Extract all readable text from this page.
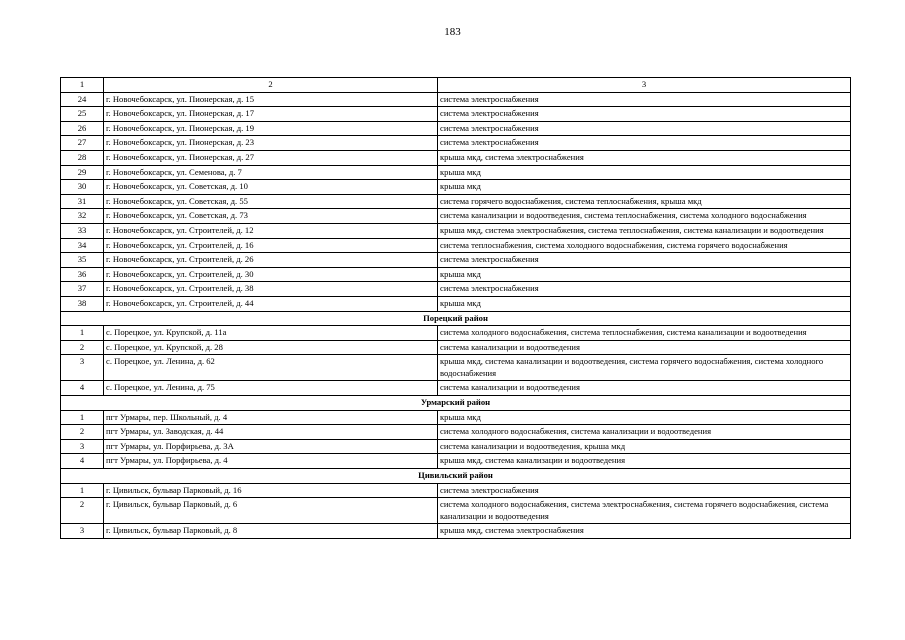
183
1	2	3
24	г. Новочебоксарск, ул. Пионерская, д. 15	система электроснабжения
25	г. Новочебоксарск, ул. Пионерская, д. 17	система электроснабжения
26	г. Новочебоксарск, ул. Пионерская, д. 19	система электроснабжения
27	г. Новочебоксарск, ул. Пионерская, д. 23	система электроснабжения
28	г. Новочебоксарск, ул. Пионерская, д. 27	крыша мкд, система электроснабжения
29	г. Новочебоксарск, ул. Семенова, д. 7	крыша мкд
30	г. Новочебоксарск, ул. Советская, д. 10	крыша мкд
31	г. Новочебоксарск, ул. Советская, д. 55	система горячего водоснабжения, система теплоснабжения, крыша мкд
32	г. Новочебоксарск, ул. Советская, д. 73	система канализации и водоотведения, система теплоснабжения, система холодного водоснабжения
33	г. Новочебоксарск, ул. Строителей, д. 12	крыша мкд, система электроснабжения, система теплоснабжения, система канализации и водоотведения
34	г. Новочебоксарск, ул. Строителей, д. 16	система теплоснабжения, система холодного водоснабжения, система горячего водоснабжения
35	г. Новочебоксарск, ул. Строителей, д. 26	система электроснабжения
36	г. Новочебоксарск, ул. Строителей, д. 30	крыша мкд
37	г. Новочебоксарск, ул. Строителей, д. 38	система электроснабжения
38	г. Новочебоксарск, ул. Строителей, д. 44	крыша мкд
Порецкий район		
1	с. Порецкое, ул. Крупской, д. 11а	система холодного водоснабжения, система теплоснабжения, система канализации и водоотведения
2	с. Порецкое, ул. Крупской, д. 28	система канализации и водоотведения
3	с. Порецкое, ул. Ленина, д. 62	крыша мкд, система канализации и водоотведения, система горячего водоснабжения, система холодного водоснабжения
4	с. Порецкое, ул. Ленина, д. 75	система канализации и водоотведения
Урмарский район		
1	пгт Урмары, пер. Школьный, д. 4	крыша мкд
2	пгт Урмары, ул. Заводская, д. 44	система холодного водоснабжения, система канализации и водоотведения
3	пгт Урмары, ул. Порфирьева, д. 3А	система канализации и водоотведения, крыша мкд
4	пгт Урмары, ул. Порфирьева, д. 4	крыша мкд, система канализации и водоотведения
Цивильский район		
1	г. Цивильск, бульвар Парковый, д. 16	система электроснабжения
2	г. Цивильск, бульвар Парковый, д. 6	система холодного водоснабжения, система электроснабжения, система горячего водоснабжения, система канализации и водоотведения
3	г. Цивильск, бульвар Парковый, д. 8	крыша мкд, система электроснабжения
